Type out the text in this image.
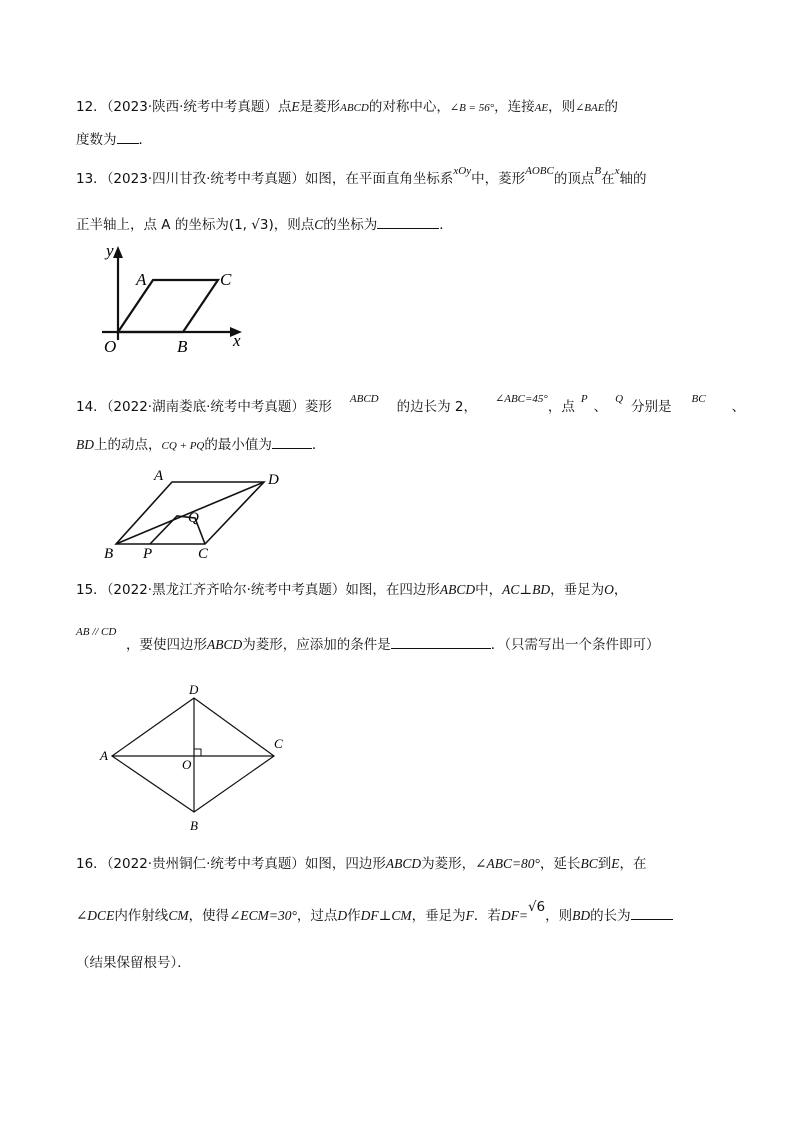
12．（2023·陕西·统考中考真题）点E是菱形ABCD的对称中心，∠B = 56°，连接AE，则∠BAE的
度数为 ．
13．（2023·四川甘孜·统考中考真题）如图，在平面直角坐标系$^{xOy}$中，菱形$^{AOBC}$的顶点$^B$在$^x$轴的
正半轴上，点 A 的坐标为(1, √3)，则点C的坐标为	．
y
A	C
O	B	x
14．（2022·湖南娄底·统考中考真题）菱形 $^{ABCD}$ 的边长为 2， $^{\angle ABC=45^\circ}$，点 $^P$ 、 $^Q$ 分别是 $^{BC}$ 、
BD上的动点，CQ + PQ的最小值为	．
A	D
Q
B P	C
15．（2022·黑龙江齐齐哈尔·统考中考真题）如图，在四边形ABCD中，AC⊥BD，垂足为O，
AB // CD
，要使四边形ABCD为菱形，应添加的条件是	．（只需写出一个条件即可）
D
A
C
O
B
16．（2022·贵州铜仁·统考中考真题）如图，四边形ABCD为菱形，∠ABC=80°，延长BC到E，在
∠DCE内作射线CM，使得∠ECM=30°，过点D作DF⊥CM，垂足为F．若DF=√6，则BD的长为
（结果保留根号）．
